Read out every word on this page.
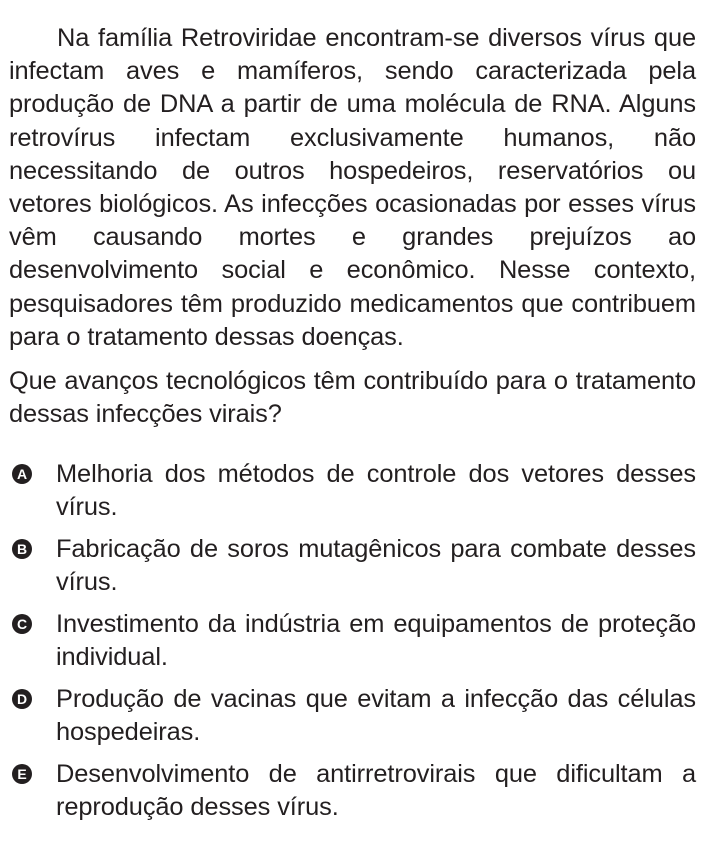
Na família Retroviridae encontram-se diversos vírus que infectam aves e mamíferos, sendo caracterizada pela produção de DNA a partir de uma molécula de RNA. Alguns retrovírus infectam exclusivamente humanos, não necessitando de outros hospedeiros, reservatórios ou vetores biológicos. As infecções ocasionadas por esses vírus vêm causando mortes e grandes prejuízos ao desenvolvimento social e econômico. Nesse contexto, pesquisadores têm produzido medicamentos que contribuem para o tratamento dessas doenças.

Que avanços tecnológicos têm contribuído para o tratamento dessas infecções virais?

A Melhoria dos métodos de controle dos vetores desses vírus.
B Fabricação de soros mutagênicos para combate desses vírus.
C Investimento da indústria em equipamentos de proteção individual.
D Produção de vacinas que evitam a infecção das células hospedeiras.
E Desenvolvimento de antirretrovirais que dificultam a reprodução desses vírus.
